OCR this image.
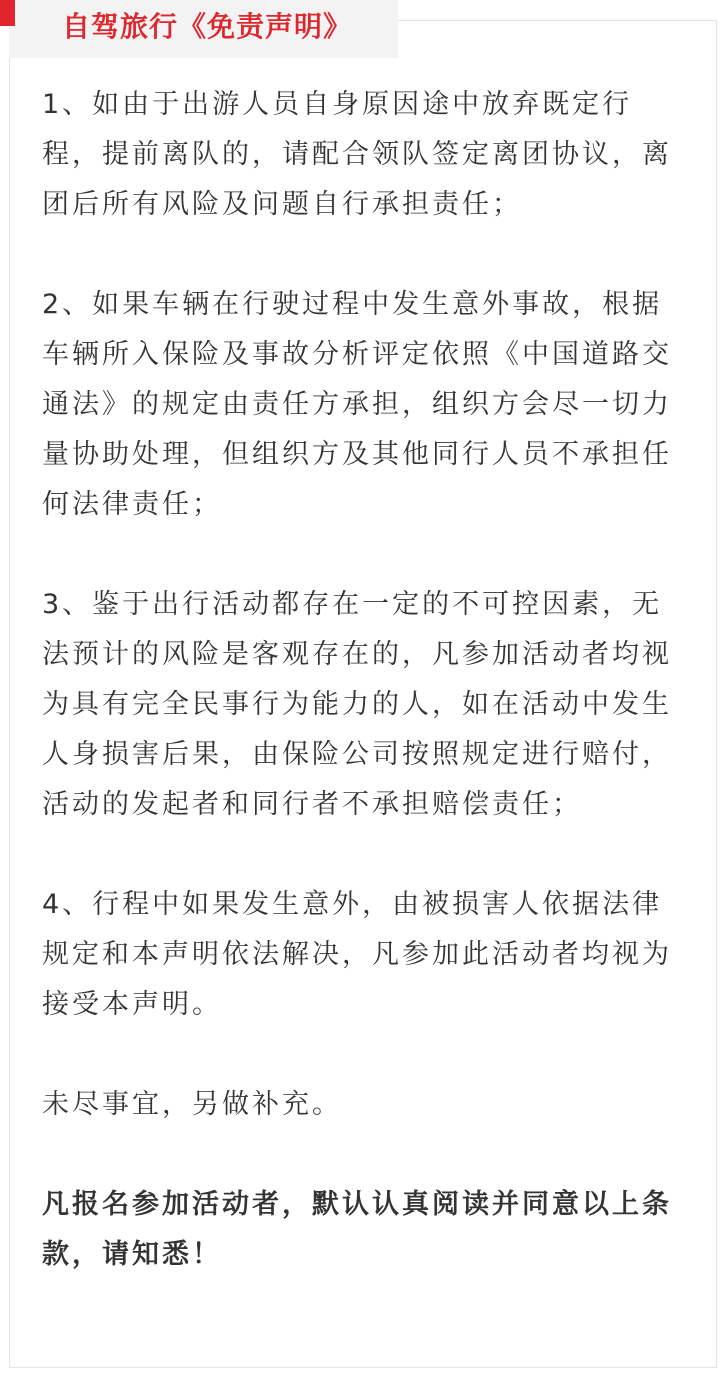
自驾旅行《免责声明》

1、如由于出游人员自身原因途中放弃既定行程，提前离队的，请配合领队签定离团协议，离团后所有风险及问题自行承担责任；

2、如果车辆在行驶过程中发生意外事故，根据车辆所入保险及事故分析评定依照《中国道路交通法》的规定由责任方承担，组织方会尽一切力量协助处理，但组织方及其他同行人员不承担任何法律责任；

3、鉴于出行活动都存在一定的不可控因素，无法预计的风险是客观存在的，凡参加活动者均视为具有完全民事行为能力的人，如在活动中发生人身损害后果，由保险公司按照规定进行赔付，活动的发起者和同行者不承担赔偿责任；

4、行程中如果发生意外，由被损害人依据法律规定和本声明依法解决，凡参加此活动者均视为接受本声明。

未尽事宜，另做补充。

凡报名参加活动者，默认认真阅读并同意以上条款，请知悉！
